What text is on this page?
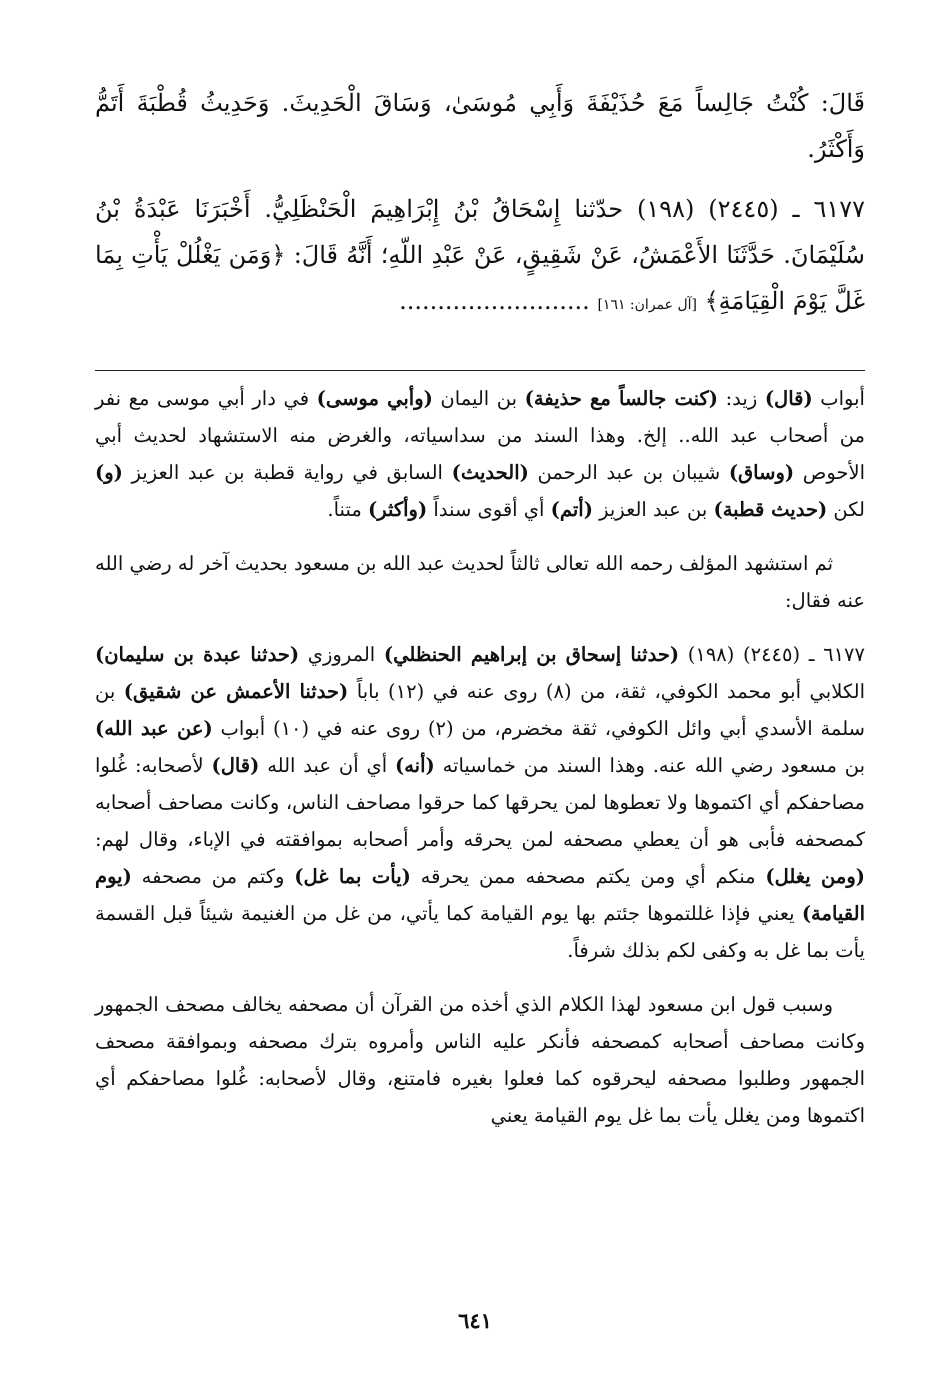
قَالَ: كُنْتُ جَالِساً مَعَ حُذَيْفَةَ وَأَبِي مُوسَىٰ، وَسَاقَ الْحَدِيثَ. وَحَدِيثُ قُطْبَةَ أَتَمُّ وَأَكْثَرُ.

٦١٧٧ ـ (٢٤٤٥) (١٩٨) حدّثنا إِسْحَاقُ بْنُ إِبْرَاهِيمَ الْحَنْظَلِيُّ. أَخْبَرَنَا عَبْدَةُ بْنُ سُلَيْمَانَ. حَدَّثَنَا الأَعْمَشُ، عَنْ شَقِيقٍ، عَنْ عَبْدِ اللّهِ؛ أَنَّهُ قَالَ: ﴿وَمَن يَغْلُلْ يَأْتِ بِمَا غَلَّ يَوْمَ الْقِيَامَةِ﴾ [آل عمران: ١٦١] .........................

أبواب (قال) زيد: (كنت جالساً مع حذيفة) بن اليمان (وأبي موسى) في دار أبي موسى مع نفر من أصحاب عبد الله.. إلخ. وهذا السند من سداسياته، والغرض منه الاستشهاد لحديث أبي الأحوص (وساق) شيبان بن عبد الرحمن (الحديث) السابق في رواية قطبة بن عبد العزيز (و) لكن (حديث قطبة) بن عبد العزيز (أتم) أي أقوى سنداً (وأكثر) متناً.

ثم استشهد المؤلف رحمه الله تعالى ثالثاً لحديث عبد الله بن مسعود بحديث آخر له رضي الله عنه فقال:

٦١٧٧ ـ (٢٤٤٥) (١٩٨) (حدثنا إسحاق بن إبراهيم الحنظلي) المروزي (حدثنا عبدة بن سليمان) الكلابي أبو محمد الكوفي، ثقة، من (٨) روى عنه في (١٢) باباً (حدثنا الأعمش عن شقيق) بن سلمة الأسدي أبي وائل الكوفي، ثقة مخضرم، من (٢) روى عنه في (١٠) أبواب (عن عبد الله) بن مسعود رضي الله عنه. وهذا السند من خماسياته (أنه) أي أن عبد الله (قال) لأصحابه: غُلوا مصاحفكم أي اكتموها ولا تعطوها لمن يحرقها كما حرقوا مصاحف الناس، وكانت مصاحف أصحابه كمصحفه فأبى هو أن يعطي مصحفه لمن يحرقه وأمر أصحابه بموافقته في الإباء، وقال لهم: (ومن يغلل) منكم أي ومن يكتم مصحفه ممن يحرقه (يأت بما غل) وكتم من مصحفه (يوم القيامة) يعني فإذا غللتموها جئتم بها يوم القيامة كما يأتي، من غل من الغنيمة شيئاً قبل القسمة يأت بما غل به وكفى لكم بذلك شرفاً.

وسبب قول ابن مسعود لهذا الكلام الذي أخذه من القرآن أن مصحفه يخالف مصحف الجمهور وكانت مصاحف أصحابه كمصحفه فأنكر عليه الناس وأمروه بترك مصحفه وبموافقة مصحف الجمهور وطلبوا مصحفه ليحرقوه كما فعلوا بغيره فامتنع، وقال لأصحابه: غُلوا مصاحفكم أي اكتموها ومن يغلل يأت بما غل يوم القيامة يعني

٦٤١
